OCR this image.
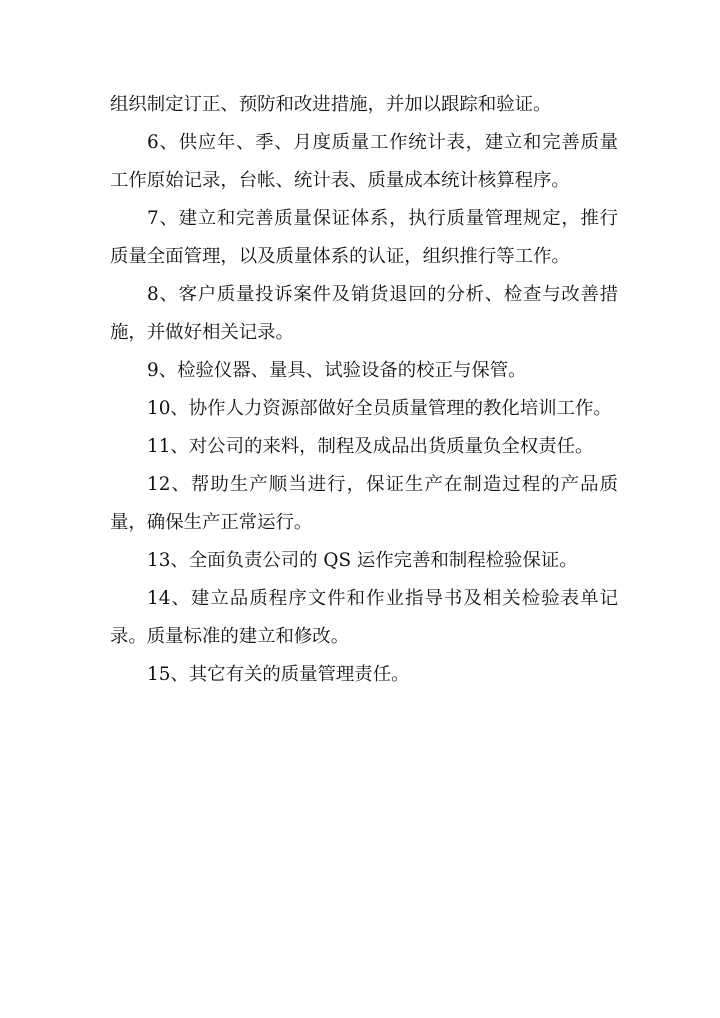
组织制定订正、预防和改进措施，并加以跟踪和验证。

6、供应年、季、月度质量工作统计表，建立和完善质量工作原始记录，台帐、统计表、质量成本统计核算程序。

7、建立和完善质量保证体系，执行质量管理规定，推行质量全面管理，以及质量体系的认证，组织推行等工作。

8、客户质量投诉案件及销货退回的分析、检查与改善措施，并做好相关记录。

9、检验仪器、量具、试验设备的校正与保管。

10、协作人力资源部做好全员质量管理的教化培训工作。

11、对公司的来料，制程及成品出货质量负全权责任。

12、帮助生产顺当进行，保证生产在制造过程的产品质量，确保生产正常运行。

13、全面负责公司的 QS 运作完善和制程检验保证。

14、建立品质程序文件和作业指导书及相关检验表单记录。质量标准的建立和修改。

15、其它有关的质量管理责任。
